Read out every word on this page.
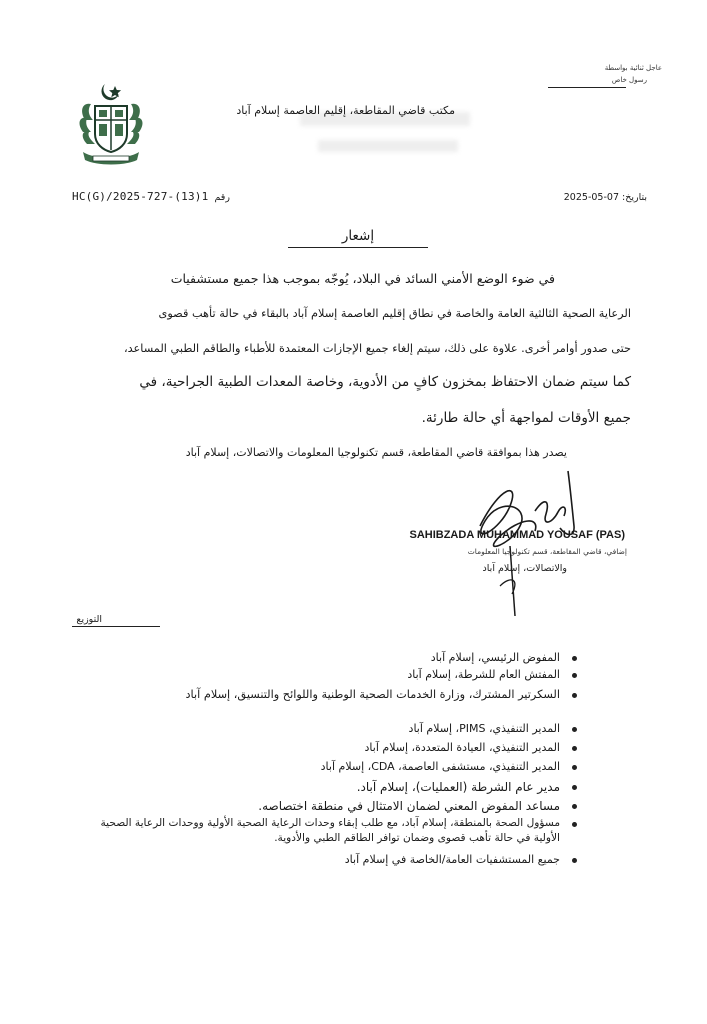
عاجل ثنائية بواسطة
رسول خاص
مكتب قاضي المقاطعة، إقليم العاصمة إسلام آباد
بتاريخ: 07-05-2025
HC(G)/2025-727-(13)1 رقم
إشعار
في ضوء الوضع الأمني السائد في البلاد، يُوجّه بموجب هذا جميع مستشفيات
الرعاية الصحية الثالثية العامة والخاصة في نطاق إقليم العاصمة إسلام آباد بالبقاء في حالة تأهب قصوى
حتى صدور أوامر أخرى. علاوة على ذلك، سيتم إلغاء جميع الإجازات المعتمدة للأطباء والطاقم الطبي المساعد،
كما سيتم ضمان الاحتفاظ بمخزون كافٍ من الأدوية، وخاصة المعدات الطبية الجراحية، في
جميع الأوقات لمواجهة أي حالة طارئة.
يصدر هذا بموافقة قاضي المقاطعة، قسم تكنولوجيا المعلومات والاتصالات، إسلام آباد
SAHIBZADA MUHAMMAD YOUSAF (PAS)
إضافي، قاضي المقاطعة، قسم تكنولوجيا المعلومات
والاتصالات، إسلام آباد
التوزيع
المفوض الرئيسي، إسلام آباد
المفتش العام للشرطة، إسلام آباد
السكرتير المشترك، وزارة الخدمات الصحية الوطنية واللوائح والتنسيق، إسلام آباد
المدير التنفيذي، PIMS، إسلام آباد
المدير التنفيذي، العيادة المتعددة، إسلام آباد
المدير التنفيذي، مستشفى العاصمة، CDA، إسلام آباد
مدير عام الشرطة (العمليات)، إسلام آباد.
مساعد المفوض المعني لضمان الامتثال في منطقة اختصاصه.
مسؤول الصحة بالمنطقة، إسلام آباد، مع طلب إبقاء وحدات الرعاية الصحية الأولية ووحدات الرعاية الصحية
الأولية في حالة تأهب قصوى وضمان توافر الطاقم الطبي والأدوية.
جميع المستشفيات العامة/الخاصة في إسلام آباد
